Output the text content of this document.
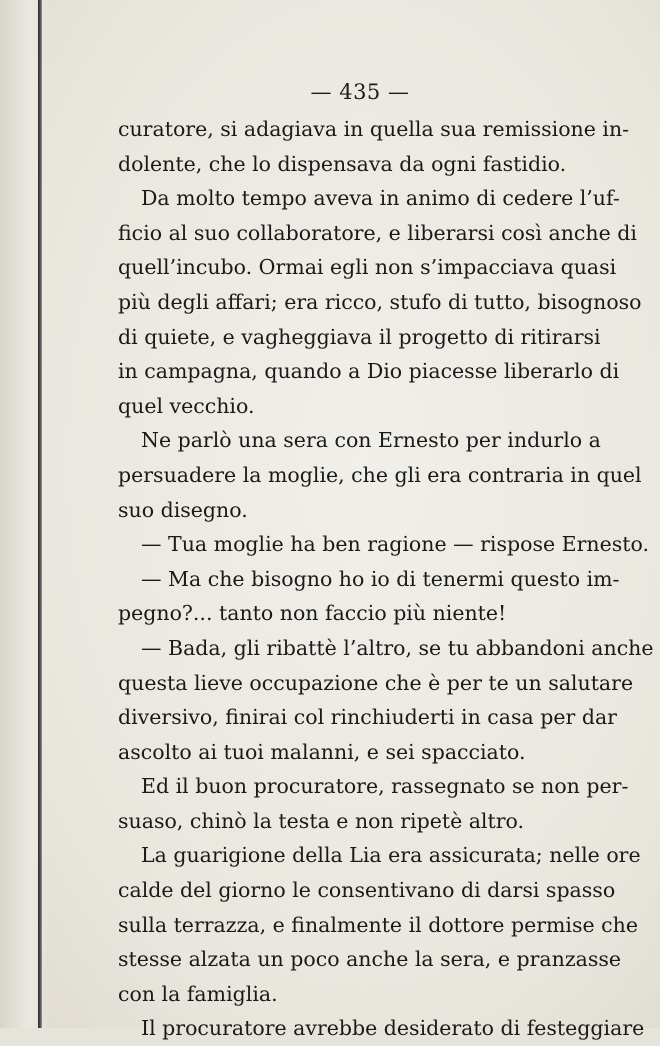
— 435 —
curatore, si adagiava in quella sua remissione in-
dolente, che lo dispensava da ogni fastidio.
Da molto tempo aveva in animo di cedere l’uf-
ficio al suo collaboratore, e liberarsi così anche di
quell’incubo. Ormai egli non s’impacciava quasi
più degli affari; era ricco, stufo di tutto, bisognoso
di quiete, e vagheggiava il progetto di ritirarsi
in campagna, quando a Dio piacesse liberarlo di
quel vecchio.
Ne parlò una sera con Ernesto per indurlo a
persuadere la moglie, che gli era contraria in quel
suo disegno.
— Tua moglie ha ben ragione — rispose Ernesto.
— Ma che bisogno ho io di tenermi questo im-
pegno?... tanto non faccio più niente!
— Bada, gli ribattè l’altro, se tu abbandoni anche
questa lieve occupazione che è per te un salutare
diversivo, finirai col rinchiuderti in casa per dar
ascolto ai tuoi malanni, e sei spacciato.
Ed il buon procuratore, rassegnato se non per-
suaso, chinò la testa e non ripetè altro.
La guarigione della Lia era assicurata; nelle ore
calde del giorno le consentivano di darsi spasso
sulla terrazza, e finalmente il dottore permise che
stesse alzata un poco anche la sera, e pranzasse
con la famiglia.
Il procuratore avrebbe desiderato di festeggiare
